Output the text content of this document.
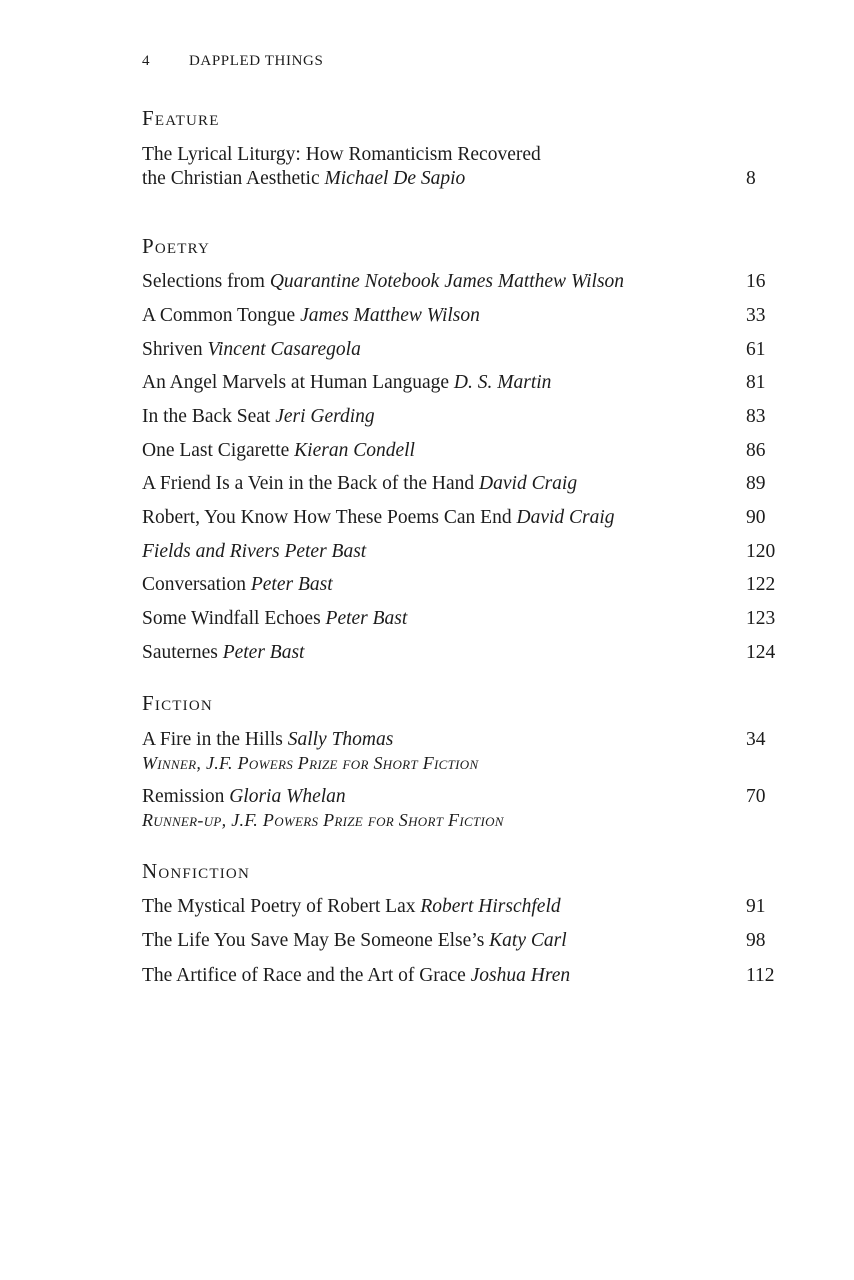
4	DAPPLED THINGS
Feature
The Lyrical Liturgy: How Romanticism Recovered
the Christian Aesthetic Michael De Sapio	8
Poetry
Selections from Quarantine Notebook James Matthew Wilson	16
A Common Tongue James Matthew Wilson	33
Shriven Vincent Casaregola	61
An Angel Marvels at Human Language D. S. Martin	81
In the Back Seat Jeri Gerding	83
One Last Cigarette Kieran Condell	86
A Friend Is a Vein in the Back of the Hand David Craig	89
Robert, You Know How These Poems Can End David Craig	90
Fields and Rivers Peter Bast	120
Conversation Peter Bast	122
Some Windfall Echoes Peter Bast	123
Sauternes Peter Bast	124
Fiction
A Fire in the Hills Sally Thomas	34
Winner, J.F. Powers Prize for Short Fiction
Remission Gloria Whelan	70
Runner-up, J.F. Powers Prize for Short Fiction
Nonfiction
The Mystical Poetry of Robert Lax Robert Hirschfeld	91
The Life You Save May Be Someone Else’s Katy Carl	98
The Artifice of Race and the Art of Grace Joshua Hren	112
